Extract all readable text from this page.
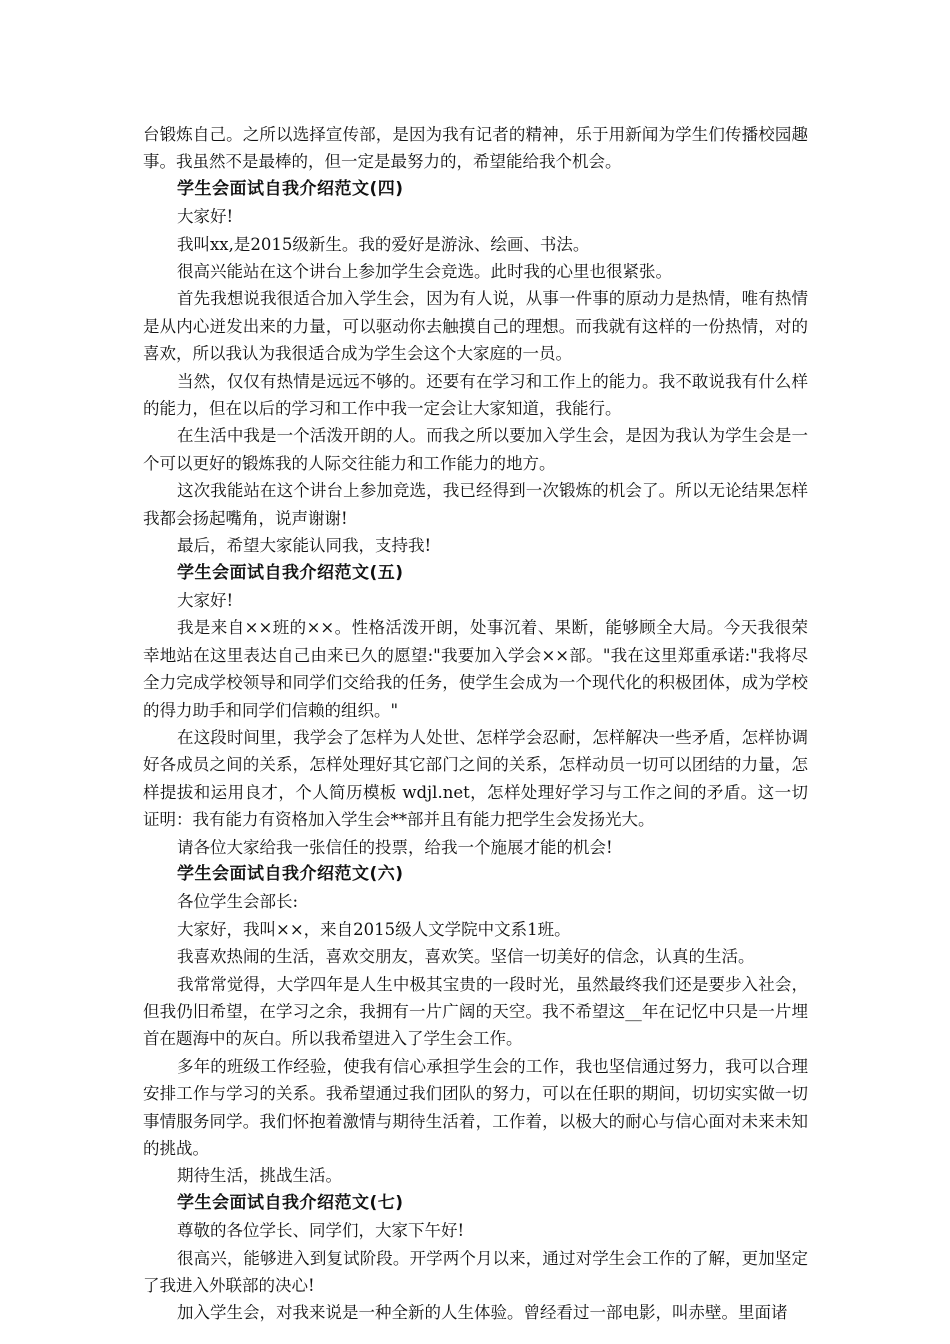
台锻炼自己。之所以选择宣传部，是因为我有记者的精神，乐于用新闻为学生们传播校园趣事。我虽然不是最棒的，但一定是最努力的，希望能给我个机会。

学生会面试自我介绍范文(四)

大家好!

我叫xx,是2015级新生。我的爱好是游泳、绘画、书法。

很高兴能站在这个讲台上参加学生会竞选。此时我的心里也很紧张。

首先我想说我很适合加入学生会，因为有人说，从事一件事的原动力是热情，唯有热情是从内心迸发出来的力量，可以驱动你去触摸自己的理想。而我就有这样的一份热情，对的喜欢，所以我认为我很适合成为学生会这个大家庭的一员。

当然，仅仅有热情是远远不够的。还要有在学习和工作上的能力。我不敢说我有什么样的能力，但在以后的学习和工作中我一定会让大家知道，我能行。

在生活中我是一个活泼开朗的人。而我之所以要加入学生会，是因为我认为学生会是一个可以更好的锻炼我的人际交往能力和工作能力的地方。

这次我能站在这个讲台上参加竞选，我已经得到一次锻炼的机会了。所以无论结果怎样我都会扬起嘴角，说声谢谢!

最后，希望大家能认同我，支持我!

学生会面试自我介绍范文(五)

大家好!

我是来自××班的××。性格活泼开朗，处事沉着、果断，能够顾全大局。今天我很荣幸地站在这里表达自己由来已久的愿望:"我要加入学会××部。"我在这里郑重承诺:"我将尽全力完成学校领导和同学们交给我的任务，使学生会成为一个现代化的积极团体，成为学校的得力助手和同学们信赖的组织。"

在这段时间里，我学会了怎样为人处世、怎样学会忍耐，怎样解决一些矛盾，怎样协调好各成员之间的关系，怎样处理好其它部门之间的关系，怎样动员一切可以团结的力量，怎样提拔和运用良才，个人简历模板 wdjl.net，怎样处理好学习与工作之间的矛盾。这一切证明：我有能力有资格加入学生会**部并且有能力把学生会发扬光大。

请各位大家给我一张信任的投票，给我一个施展才能的机会!

学生会面试自我介绍范文(六)

各位学生会部长:

大家好，我叫××，来自2015级人文学院中文系1班。

我喜欢热闹的生活，喜欢交朋友，喜欢笑。坚信一切美好的信念，认真的生活。

我常常觉得，大学四年是人生中极其宝贵的一段时光，虽然最终我们还是要步入社会，但我仍旧希望，在学习之余，我拥有一片广阔的天空。我不希望这__年在记忆中只是一片埋首在题海中的灰白。所以我希望进入了学生会工作。

多年的班级工作经验，使我有信心承担学生会的工作，我也坚信通过努力，我可以合理安排工作与学习的关系。我希望通过我们团队的努力，可以在任职的期间，切切实实做一切事情服务同学。我们怀抱着激情与期待生活着，工作着，以极大的耐心与信心面对未来未知的挑战。

期待生活，挑战生活。

学生会面试自我介绍范文(七)

尊敬的各位学长、同学们，大家下午好!

很高兴，能够进入到复试阶段。开学两个月以来，通过对学生会工作的了解，更加坚定了我进入外联部的决心!

加入学生会，对我来说是一种全新的人生体验。曾经看过一部电影，叫赤壁。里面诸
